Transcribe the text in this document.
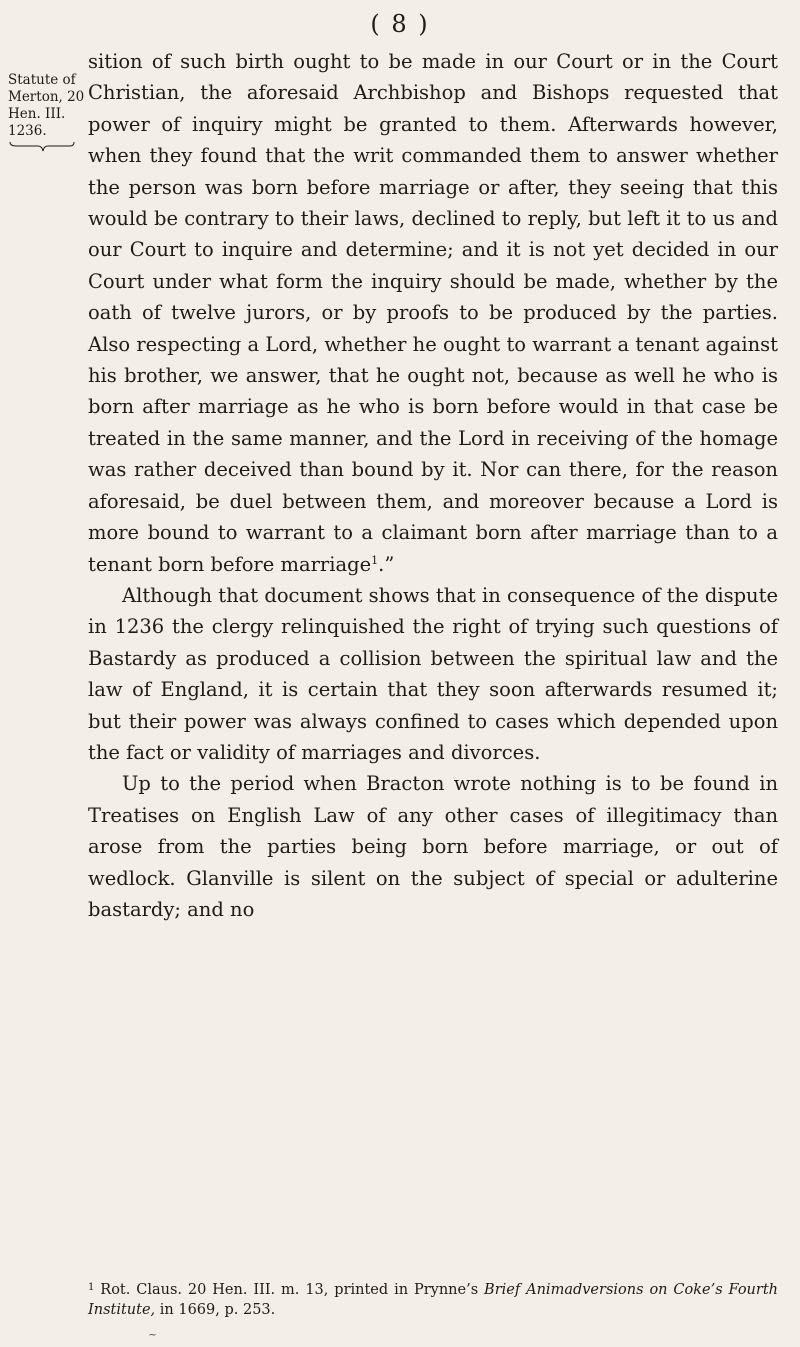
( 8 )
Statute of
Merton, 20
Hen. III.
1236.

sition of such birth ought to be made in our Court or in the Court Christian, the aforesaid Archbishop and Bishops requested that power of inquiry might be granted to them. Afterwards however, when they found that the writ commanded them to answer whether the person was born before marriage or after, they seeing that this would be contrary to their laws, declined to reply, but left it to us and our Court to inquire and determine; and it is not yet decided in our Court under what form the inquiry should be made, whether by the oath of twelve jurors, or by proofs to be produced by the parties. Also respecting a Lord, whether he ought to warrant a tenant against his brother, we answer, that he ought not, because as well he who is born after marriage as he who is born before would in that case be treated in the same manner, and the Lord in receiving of the homage was rather deceived than bound by it. Nor can there, for the reason aforesaid, be duel between them, and moreover because a Lord is more bound to warrant to a claimant born after marriage than to a tenant born before marriage$^1$.”

Although that document shows that in consequence of the dispute in 1236 the clergy relinquished the right of trying such questions of Bastardy as produced a collision between the spiritual law and the law of England, it is certain that they soon afterwards resumed it; but their power was always confined to cases which depended upon the fact or validity of marriages and divorces.

Up to the period when Bracton wrote nothing is to be found in Treatises on English Law of any other cases of illegitimacy than arose from the parties being born before marriage, or out of wedlock. Glanville is silent on the subject of special or adulterine bastardy; and no

$^1$ Rot. Claus. 20 Hen. III. m. 13, printed in Prynne’s Brief Animadversions on Coke’s Fourth Institute, in 1669, p. 253.
~
